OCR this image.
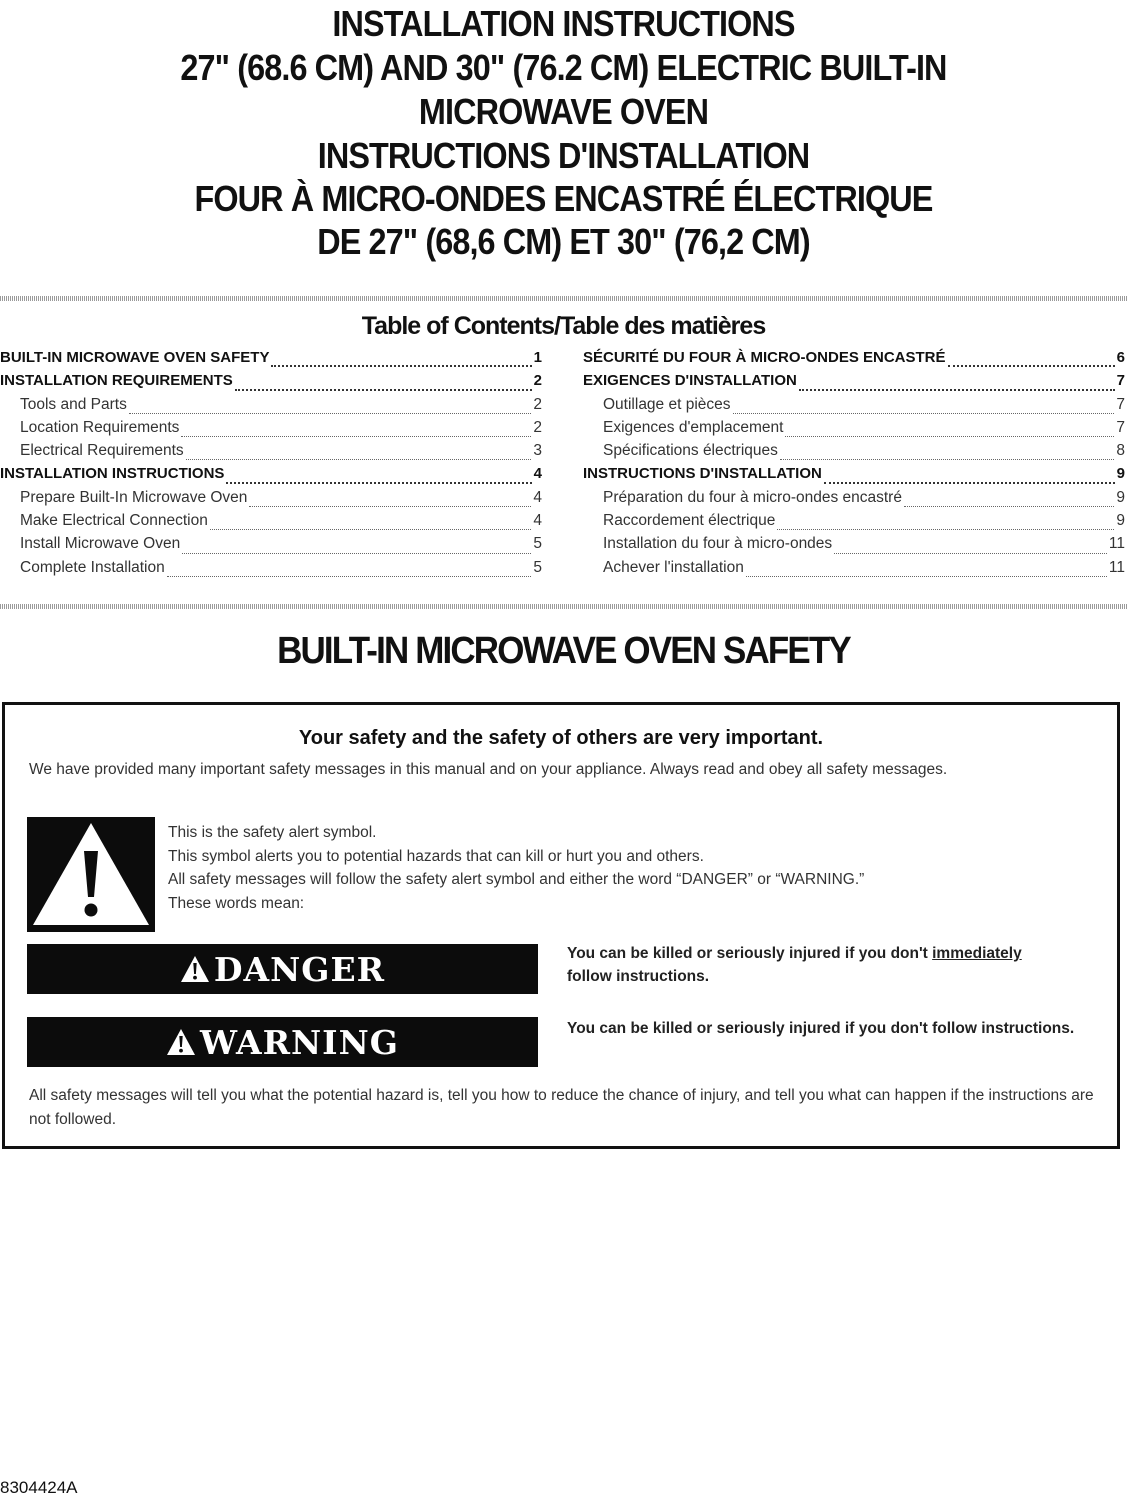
INSTALLATION INSTRUCTIONS
27" (68.6 CM) AND 30" (76.2 CM) ELECTRIC BUILT-IN
MICROWAVE OVEN
INSTRUCTIONS D'INSTALLATION
FOUR À MICRO-ONDES ENCASTRÉ ÉLECTRIQUE
DE 27" (68,6 CM) ET 30" (76,2 CM)
Table of Contents/Table des matières
BUILT-IN MICROWAVE OVEN SAFETY	1
INSTALLATION REQUIREMENTS	2
Tools and Parts	2
Location Requirements	2
Electrical Requirements	3
INSTALLATION INSTRUCTIONS	4
Prepare Built-In Microwave Oven	4
Make Electrical Connection	4
Install Microwave Oven	5
Complete Installation	5
SÉCURITÉ DU FOUR À MICRO-ONDES ENCASTRÉ	6
EXIGENCES D'INSTALLATION	7
Outillage et pièces	7
Exigences d'emplacement	7
Spécifications électriques	8
INSTRUCTIONS D'INSTALLATION	9
Préparation du four à micro-ondes encastré	9
Raccordement électrique	9
Installation du four à micro-ondes	11
Achever l'installation	11
BUILT-IN MICROWAVE OVEN SAFETY
Your safety and the safety of others are very important.
We have provided many important safety messages in this manual and on your appliance. Always read and obey all safety messages.
This is the safety alert symbol.
This symbol alerts you to potential hazards that can kill or hurt you and others.
All safety messages will follow the safety alert symbol and either the word “DANGER” or “WARNING.”
These words mean:
DANGER	You can be killed or seriously injured if you don't immediately
follow instructions.
WARNING	You can be killed or seriously injured if you don't follow instructions.
All safety messages will tell you what the potential hazard is, tell you how to reduce the chance of injury, and tell you what can happen if the instructions are not followed.
8304424A
